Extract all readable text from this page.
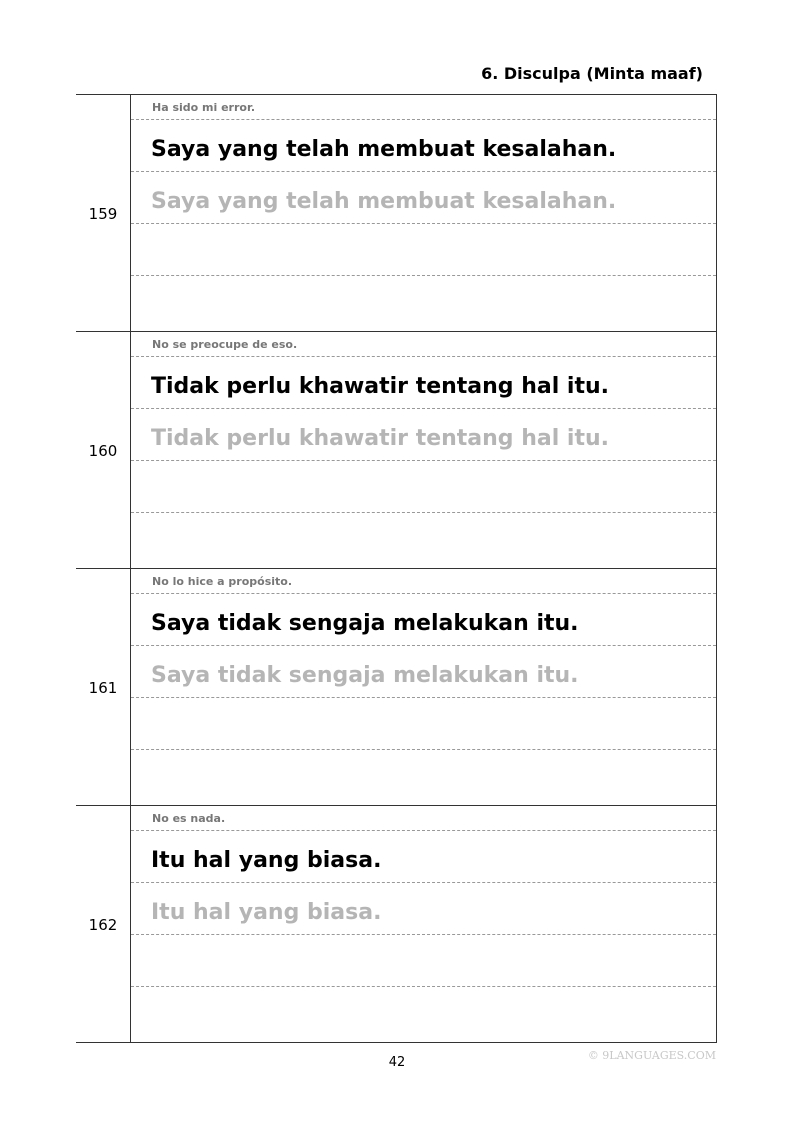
6. Disculpa (Minta maaf)
159
Ha sido mi error.
Saya yang telah membuat kesalahan.
Saya yang telah membuat kesalahan.
160
No se preocupe de eso.
Tidak perlu khawatir tentang hal itu.
Tidak perlu khawatir tentang hal itu.
161
No lo hice a propósito.
Saya tidak sengaja melakukan itu.
Saya tidak sengaja melakukan itu.
162
No es nada.
Itu hal yang biasa.
Itu hal yang biasa.
42	© 9LANGUAGES.COM
